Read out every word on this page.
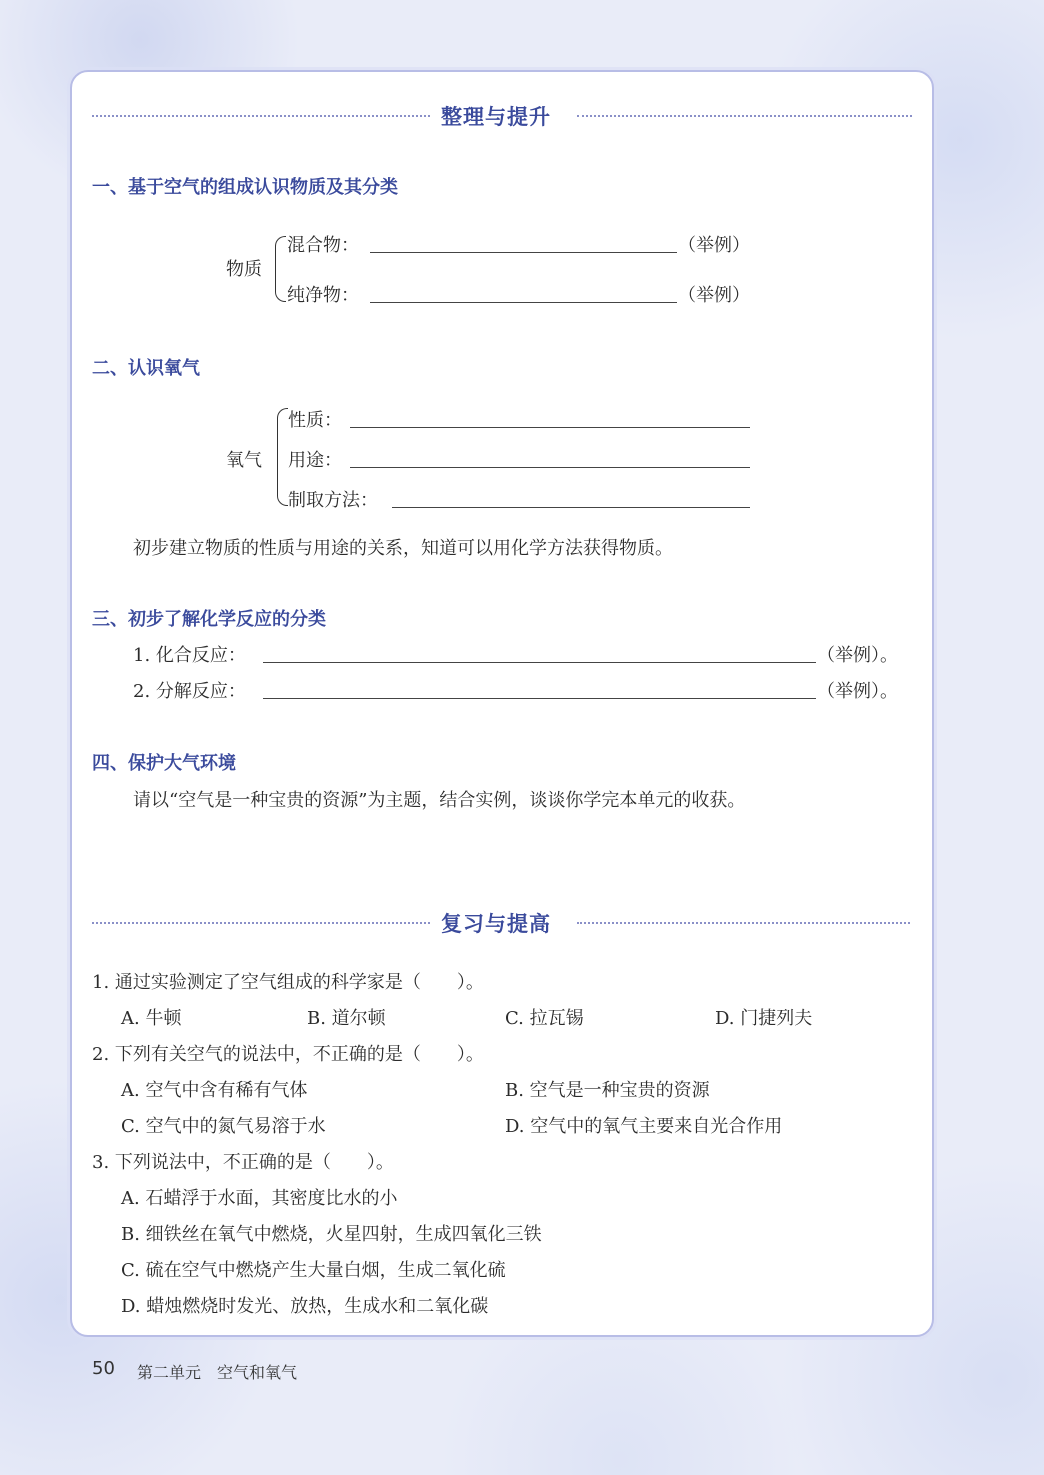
整理与提升
一、基于空气的组成认识物质及其分类
物质
混合物：	（举例）
纯净物：	（举例）
二、认识氧气
氧气
性质：
用途：
制取方法：
初步建立物质的性质与用途的关系，知道可以用化学方法获得物质。
三、初步了解化学反应的分类
1. 化合反应：	（举例）。
2. 分解反应：	（举例）。
四、保护大气环境
请以“空气是一种宝贵的资源”为主题，结合实例，谈谈你学完本单元的收获。
复习与提高
1. 通过实验测定了空气组成的科学家是（　　）。
A. 牛顿	B. 道尔顿	C. 拉瓦锡	D. 门捷列夫
2. 下列有关空气的说法中，不正确的是（　　）。
A. 空气中含有稀有气体	B. 空气是一种宝贵的资源
C. 空气中的氮气易溶于水	D. 空气中的氧气主要来自光合作用
3. 下列说法中，不正确的是（　　）。
A. 石蜡浮于水面，其密度比水的小
B. 细铁丝在氧气中燃烧，火星四射，生成四氧化三铁
C. 硫在空气中燃烧产生大量白烟，生成二氧化硫
D. 蜡烛燃烧时发光、放热，生成水和二氧化碳
50 第二单元　空气和氧气
